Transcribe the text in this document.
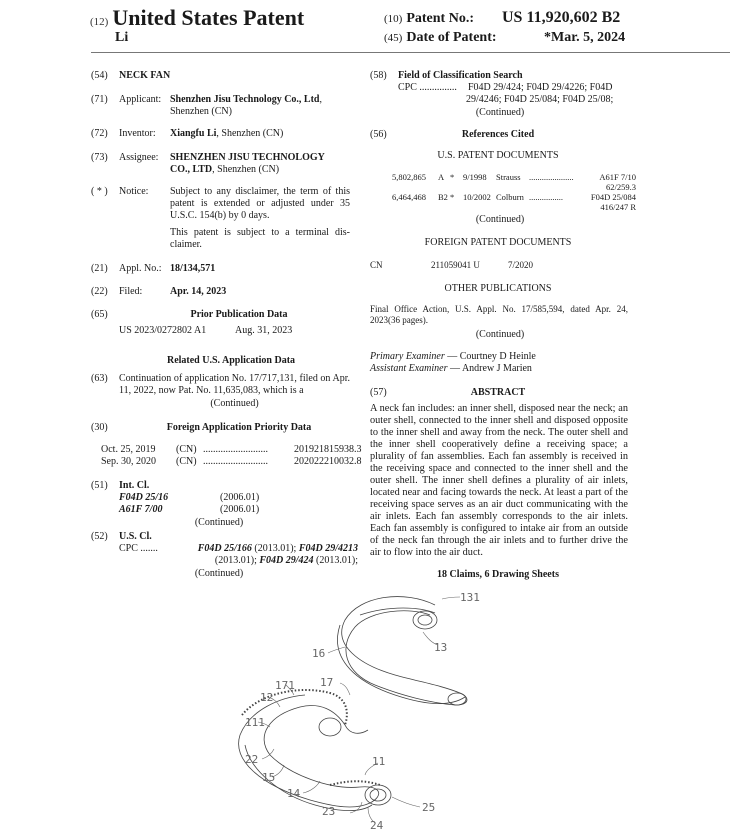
(12) United States Patent
Li
(10) Patent No.: US 11,920,602 B2
(45) Date of Patent:	*Mar. 5, 2024
(54) NECK FAN
(71) Applicant: Shenzhen Jisu Technology Co., Ltd, Shenzhen (CN)
(72) Inventor: Xiangfu Li, Shenzhen (CN)
(73) Assignee: SHENZHEN JISU TECHNOLOGY
CO., LTD, Shenzhen (CN)
( * ) Notice: Subject to any disclaimer, the term of this patent is extended or adjusted under 35 U.S.C. 154(b) by 0 days.
This patent is subject to a terminal dis-claimer.
(21) Appl. No.: 18/134,571
(22) Filed:	Apr. 14, 2023
(65)	Prior Publication Data
US 2023/0272802 A1	Aug. 31, 2023
Related U.S. Application Data
(63) Continuation of application No. 17/717,131, filed on Apr. 11, 2022, now Pat. No. 11,635,083, which is a
(Continued)
(30)	Foreign Application Priority Data
Oct. 25, 2019 (CN) ..........................	201921815938.3
Sep. 30, 2020 (CN) ..........................	202022210032.8
(51) Int. Cl.
F04D 25/16	(2006.01)
A61F 7/00	(2006.01)
(Continued)
(52) U.S. Cl.
CPC .......	F04D 25/166 (2013.01); F04D 29/4213
(2013.01); F04D 29/424 (2013.01);
(Continued)
(58) Field of Classification Search
CPC ............... F04D 29/424; F04D 29/4226; F04D
29/4246; F04D 25/084; F04D 25/08;
(Continued)
(56)	References Cited
U.S. PATENT DOCUMENTS
5,802,865 A * 9/1998 Strauss .....................	A61F 7/10
62/259.3
6,464,468 B2 * 10/2002 Colburn ................	F04D 25/084
416/247 R
(Continued)
FOREIGN PATENT DOCUMENTS
CN	211059041 U	7/2020
OTHER PUBLICATIONS
Final Office Action, U.S. Appl. No. 17/585,594, dated Apr. 24, 2023(36 pages).
(Continued)
Primary Examiner — Courtney D Heinle
Assistant Examiner — Andrew J Marien
(57)	ABSTRACT
A neck fan includes: an inner shell, disposed near the neck; an outer shell, connected to the inner shell and disposed opposite to the inner shell and away from the neck. The outer shell and the inner shell cooperatively define a receiving space; a plurality of fan assemblies. Each fan assembly is received in the receiving space and connected to the inner shell and the outer shell. The inner shell defines a plurality of air inlets, located near and facing towards the neck. At least a part of the receiving space serves as an air duct communicating with the air inlets. Each fan assembly corresponds to the air inlets. Each fan assembly is configured to intake air from an outside of the neck fan through the air inlets and to further drive the air to flow into the air duct.
18 Claims, 6 Drawing Sheets
131
13
16
171 17
12
111
22
15
11
14
23
24
25
